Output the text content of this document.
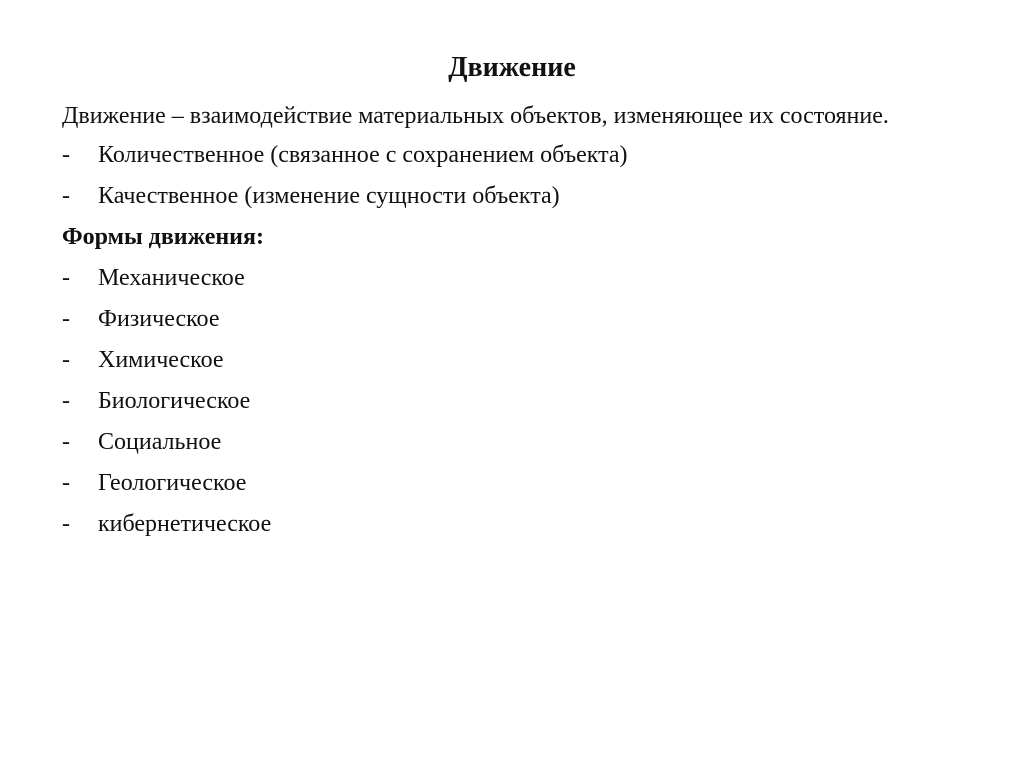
Движение

Движение – взаимодействие материальных объектов, изменяющее их состояние.

-	Количественное (связанное с сохранением объекта)
-	Качественное (изменение сущности объекта)
Формы движения:
-	Механическое
-	Физическое
-	Химическое
-	Биологическое
-	Социальное
-	Геологическое
-	кибернетическое
